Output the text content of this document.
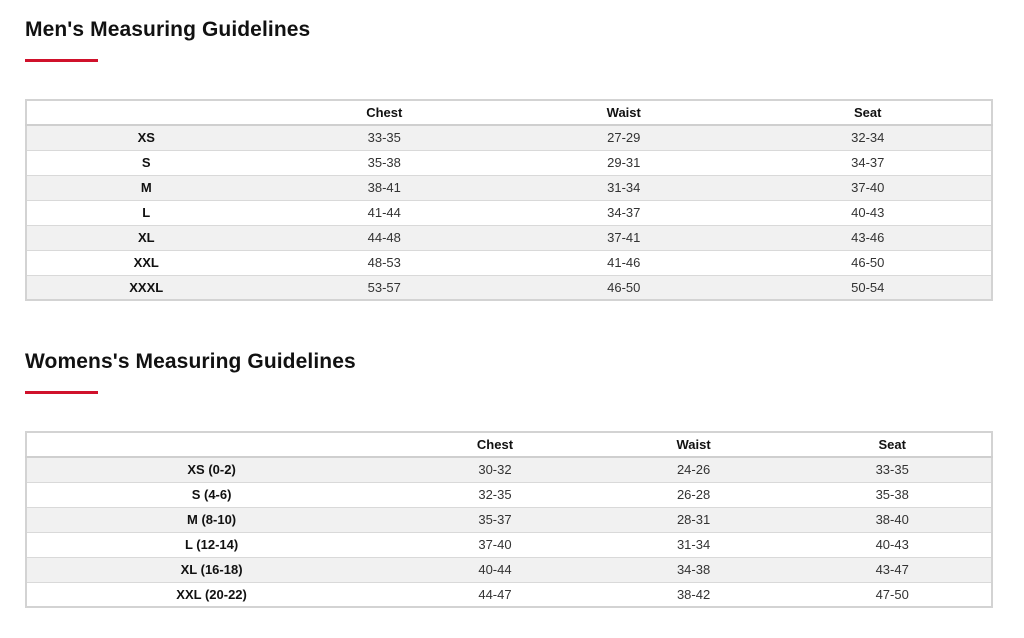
Men's Measuring Guidelines
	Chest	Waist	Seat
XS	33-35	27-29	32-34
S	35-38	29-31	34-37
M	38-41	31-34	37-40
L	41-44	34-37	40-43
XL	44-48	37-41	43-46
XXL	48-53	41-46	46-50
XXXL	53-57	46-50	50-54
Womens's Measuring Guidelines
	Chest	Waist	Seat
XS (0-2)	30-32	24-26	33-35
S (4-6)	32-35	26-28	35-38
M (8-10)	35-37	28-31	38-40
L (12-14)	37-40	31-34	40-43
XL (16-18)	40-44	34-38	43-47
XXL (20-22)	44-47	38-42	47-50
